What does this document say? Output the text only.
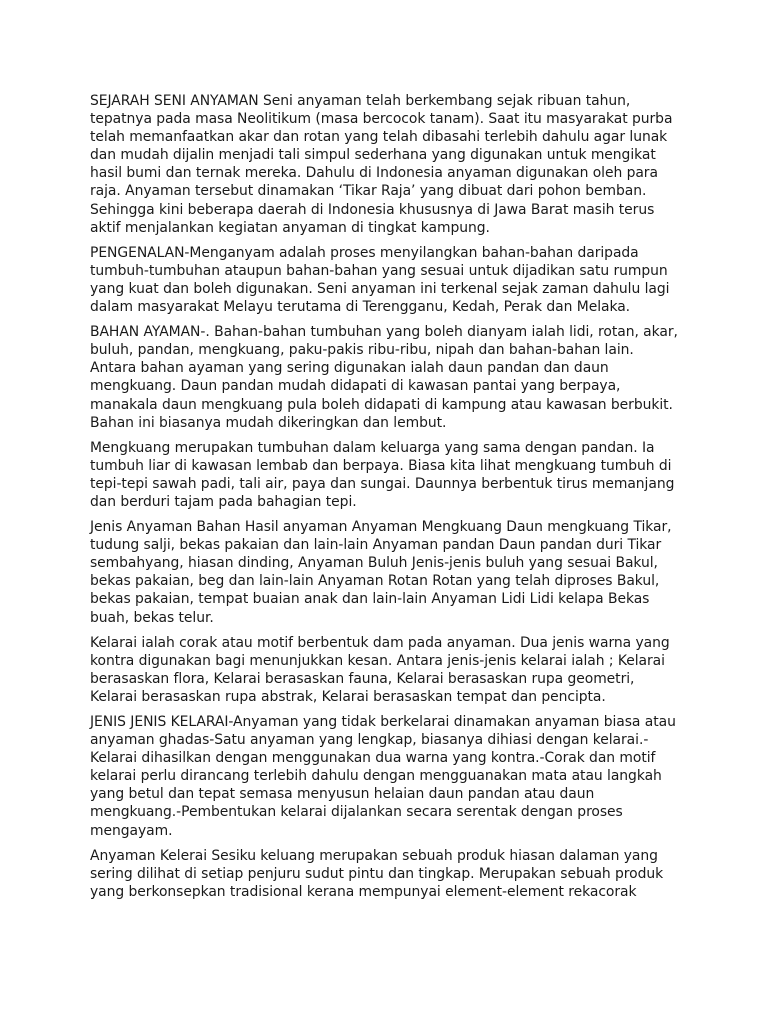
SEJARAH SENI ANYAMAN Seni anyaman telah berkembang sejak ribuan tahun, tepatnya pada masa Neolitikum (masa bercocok tanam). Saat itu masyarakat purba telah memanfaatkan akar dan rotan yang telah dibasahi terlebih dahulu agar lunak dan mudah dijalin menjadi tali simpul sederhana yang digunakan untuk mengikat hasil bumi dan ternak mereka. Dahulu di Indonesia anyaman digunakan oleh para raja. Anyaman tersebut dinamakan ‘Tikar Raja’ yang dibuat dari pohon bemban. Sehingga kini beberapa daerah di Indonesia khususnya di Jawa Barat masih terus aktif menjalankan kegiatan anyaman di tingkat kampung.

PENGENALAN-Menganyam adalah proses menyilangkan bahan-bahan daripada tumbuh-tumbuhan ataupun bahan-bahan yang sesuai untuk dijadikan satu rumpun yang kuat dan boleh digunakan. Seni anyaman ini terkenal sejak zaman dahulu lagi dalam masyarakat Melayu terutama di Terengganu, Kedah, Perak dan Melaka.

BAHAN AYAMAN-. Bahan-bahan tumbuhan yang boleh dianyam ialah lidi, rotan, akar, buluh, pandan, mengkuang, paku-pakis ribu-ribu, nipah dan bahan-bahan lain. Antara bahan ayaman yang sering digunakan ialah daun pandan dan daun mengkuang. Daun pandan mudah didapati di kawasan pantai yang berpaya, manakala daun mengkuang pula boleh didapati di kampung atau kawasan berbukit. Bahan ini biasanya mudah dikeringkan dan lembut.

Mengkuang merupakan tumbuhan dalam keluarga yang sama dengan pandan. Ia tumbuh liar di kawasan lembab dan berpaya. Biasa kita lihat mengkuang tumbuh di tepi-tepi sawah padi, tali air, paya dan sungai. Daunnya berbentuk tirus memanjang dan berduri tajam pada bahagian tepi.

Jenis Anyaman Bahan Hasil anyaman Anyaman Mengkuang Daun mengkuang Tikar, tudung salji, bekas pakaian dan lain-lain Anyaman pandan Daun pandan duri Tikar sembahyang, hiasan dinding, Anyaman Buluh Jenis-jenis buluh yang sesuai Bakul, bekas pakaian, beg dan lain-lain Anyaman Rotan Rotan yang telah diproses Bakul, bekas pakaian, tempat buaian anak dan lain-lain Anyaman Lidi Lidi kelapa Bekas buah, bekas telur.

Kelarai ialah corak atau motif berbentuk dam pada anyaman. Dua jenis warna yang kontra digunakan bagi menunjukkan kesan. Antara jenis-jenis kelarai ialah ; Kelarai berasaskan flora, Kelarai berasaskan fauna, Kelarai berasaskan rupa geometri, Kelarai berasaskan rupa abstrak, Kelarai berasaskan tempat dan pencipta.

JENIS JENIS KELARAI-Anyaman yang tidak berkelarai dinamakan anyaman biasa atau anyaman ghadas-Satu anyaman yang lengkap, biasanya dihiasi dengan kelarai.-Kelarai dihasilkan dengan menggunakan dua warna yang kontra.-Corak dan motif kelarai perlu dirancang terlebih dahulu dengan mengguanakan mata atau langkah yang betul dan tepat semasa menyusun helaian daun pandan atau daun mengkuang.-Pembentukan kelarai dijalankan secara serentak dengan proses mengayam.

Anyaman Kelerai Sesiku keluang merupakan sebuah produk hiasan dalaman yang sering dilihat di setiap penjuru sudut pintu dan tingkap. Merupakan sebuah produk yang berkonsepkan tradisional kerana mempunyai element-element rekacorak
